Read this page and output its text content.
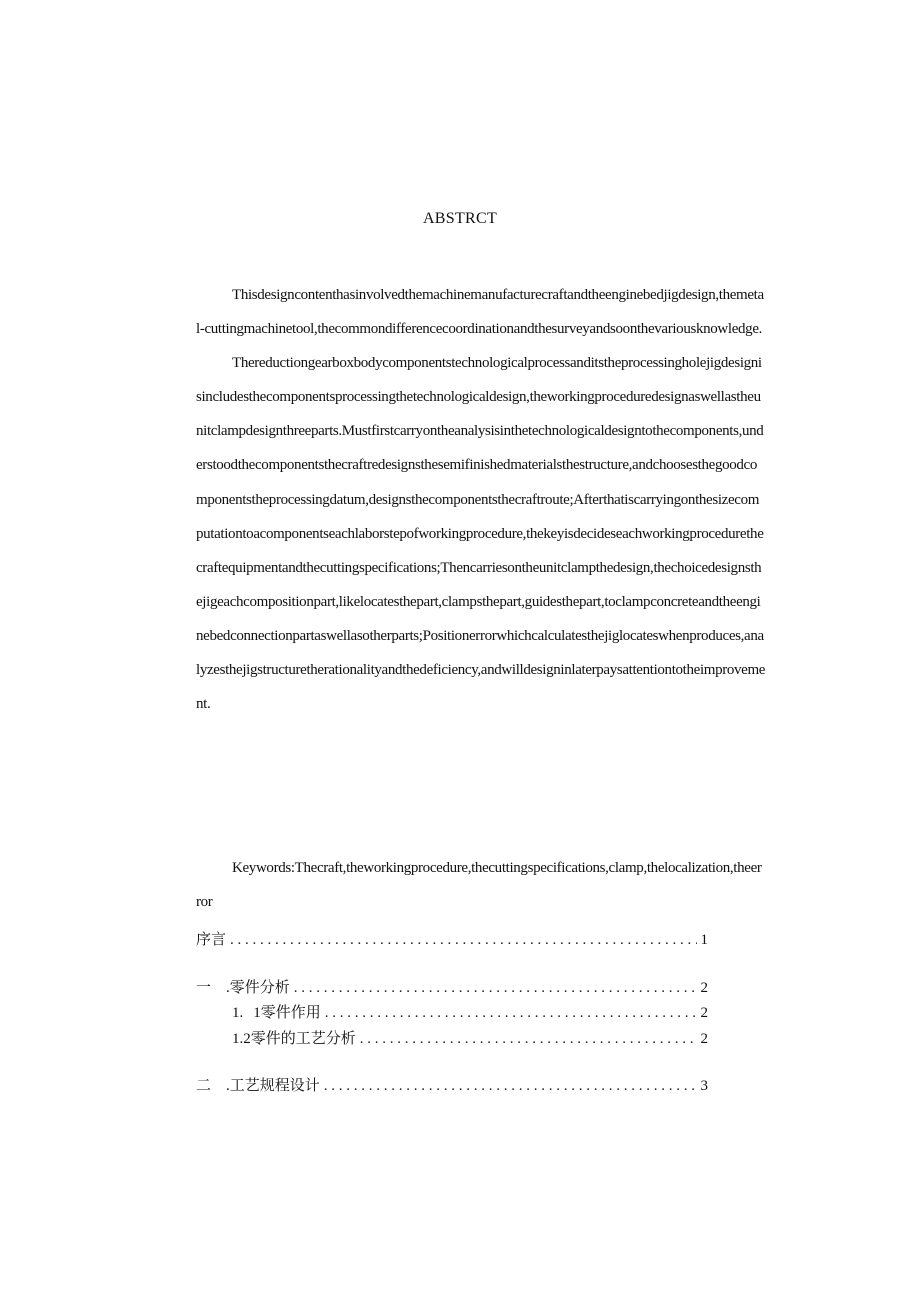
ABSTRCT

Thisdesigncontenthasinvolvedthemachinemanufacturecraftandtheenginebedjigdesign,themetal-cuttingmachinetool,thecommondifferencecoordinationandthesurveyandsoonthevariousknowledge.

Thereductiongearboxbodycomponentstechnologicalprocessanditstheprocessingholejigdesignisincludesthecomponentsprocessingthetechnologicaldesign,theworkingproceduredesignaswellastheunitclampdesignthreeparts.Mustfirstcarryontheanalysisinthetechnologicaldesigntothecomponents,understoodthecomponentsthecraftredesignsthesemifinishedmaterialsthestructure,andchoosesthegoodcomponentstheprocessingdatum,designsthecomponentsthecraftroute;Afterthatiscarryingonthesizecomputationtoacomponentseachlaborstepofworkingprocedure,thekeyisdecideseachworkingprocedurethecraftequipmentandthecuttingspecifications;Thencarriesontheunitclampthedesign,thechoicedesignsthejigeachcompositionpart,likelocatesthepart,clampsthepart,guidesthepart,toclampconcreteandtheenginebedconnectionpartaswellasotherparts;Positionerrorwhichcalculatesthejiglocateswhenproduces,analyzesthejigstructuretherationalityandthedeficiency,andwilldesigninlaterpaysattentiontotheimprovement.

Keywords:Thecraft,theworkingprocedure,thecuttingspecifications,clamp,thelocalization,theerror

序言 . . .	1
一　.零件分析 . . .	2
1. 1零件作用 . . .	2
1.2零件的工艺分析 . . .	2
二　.工艺规程设计 . . .	3
